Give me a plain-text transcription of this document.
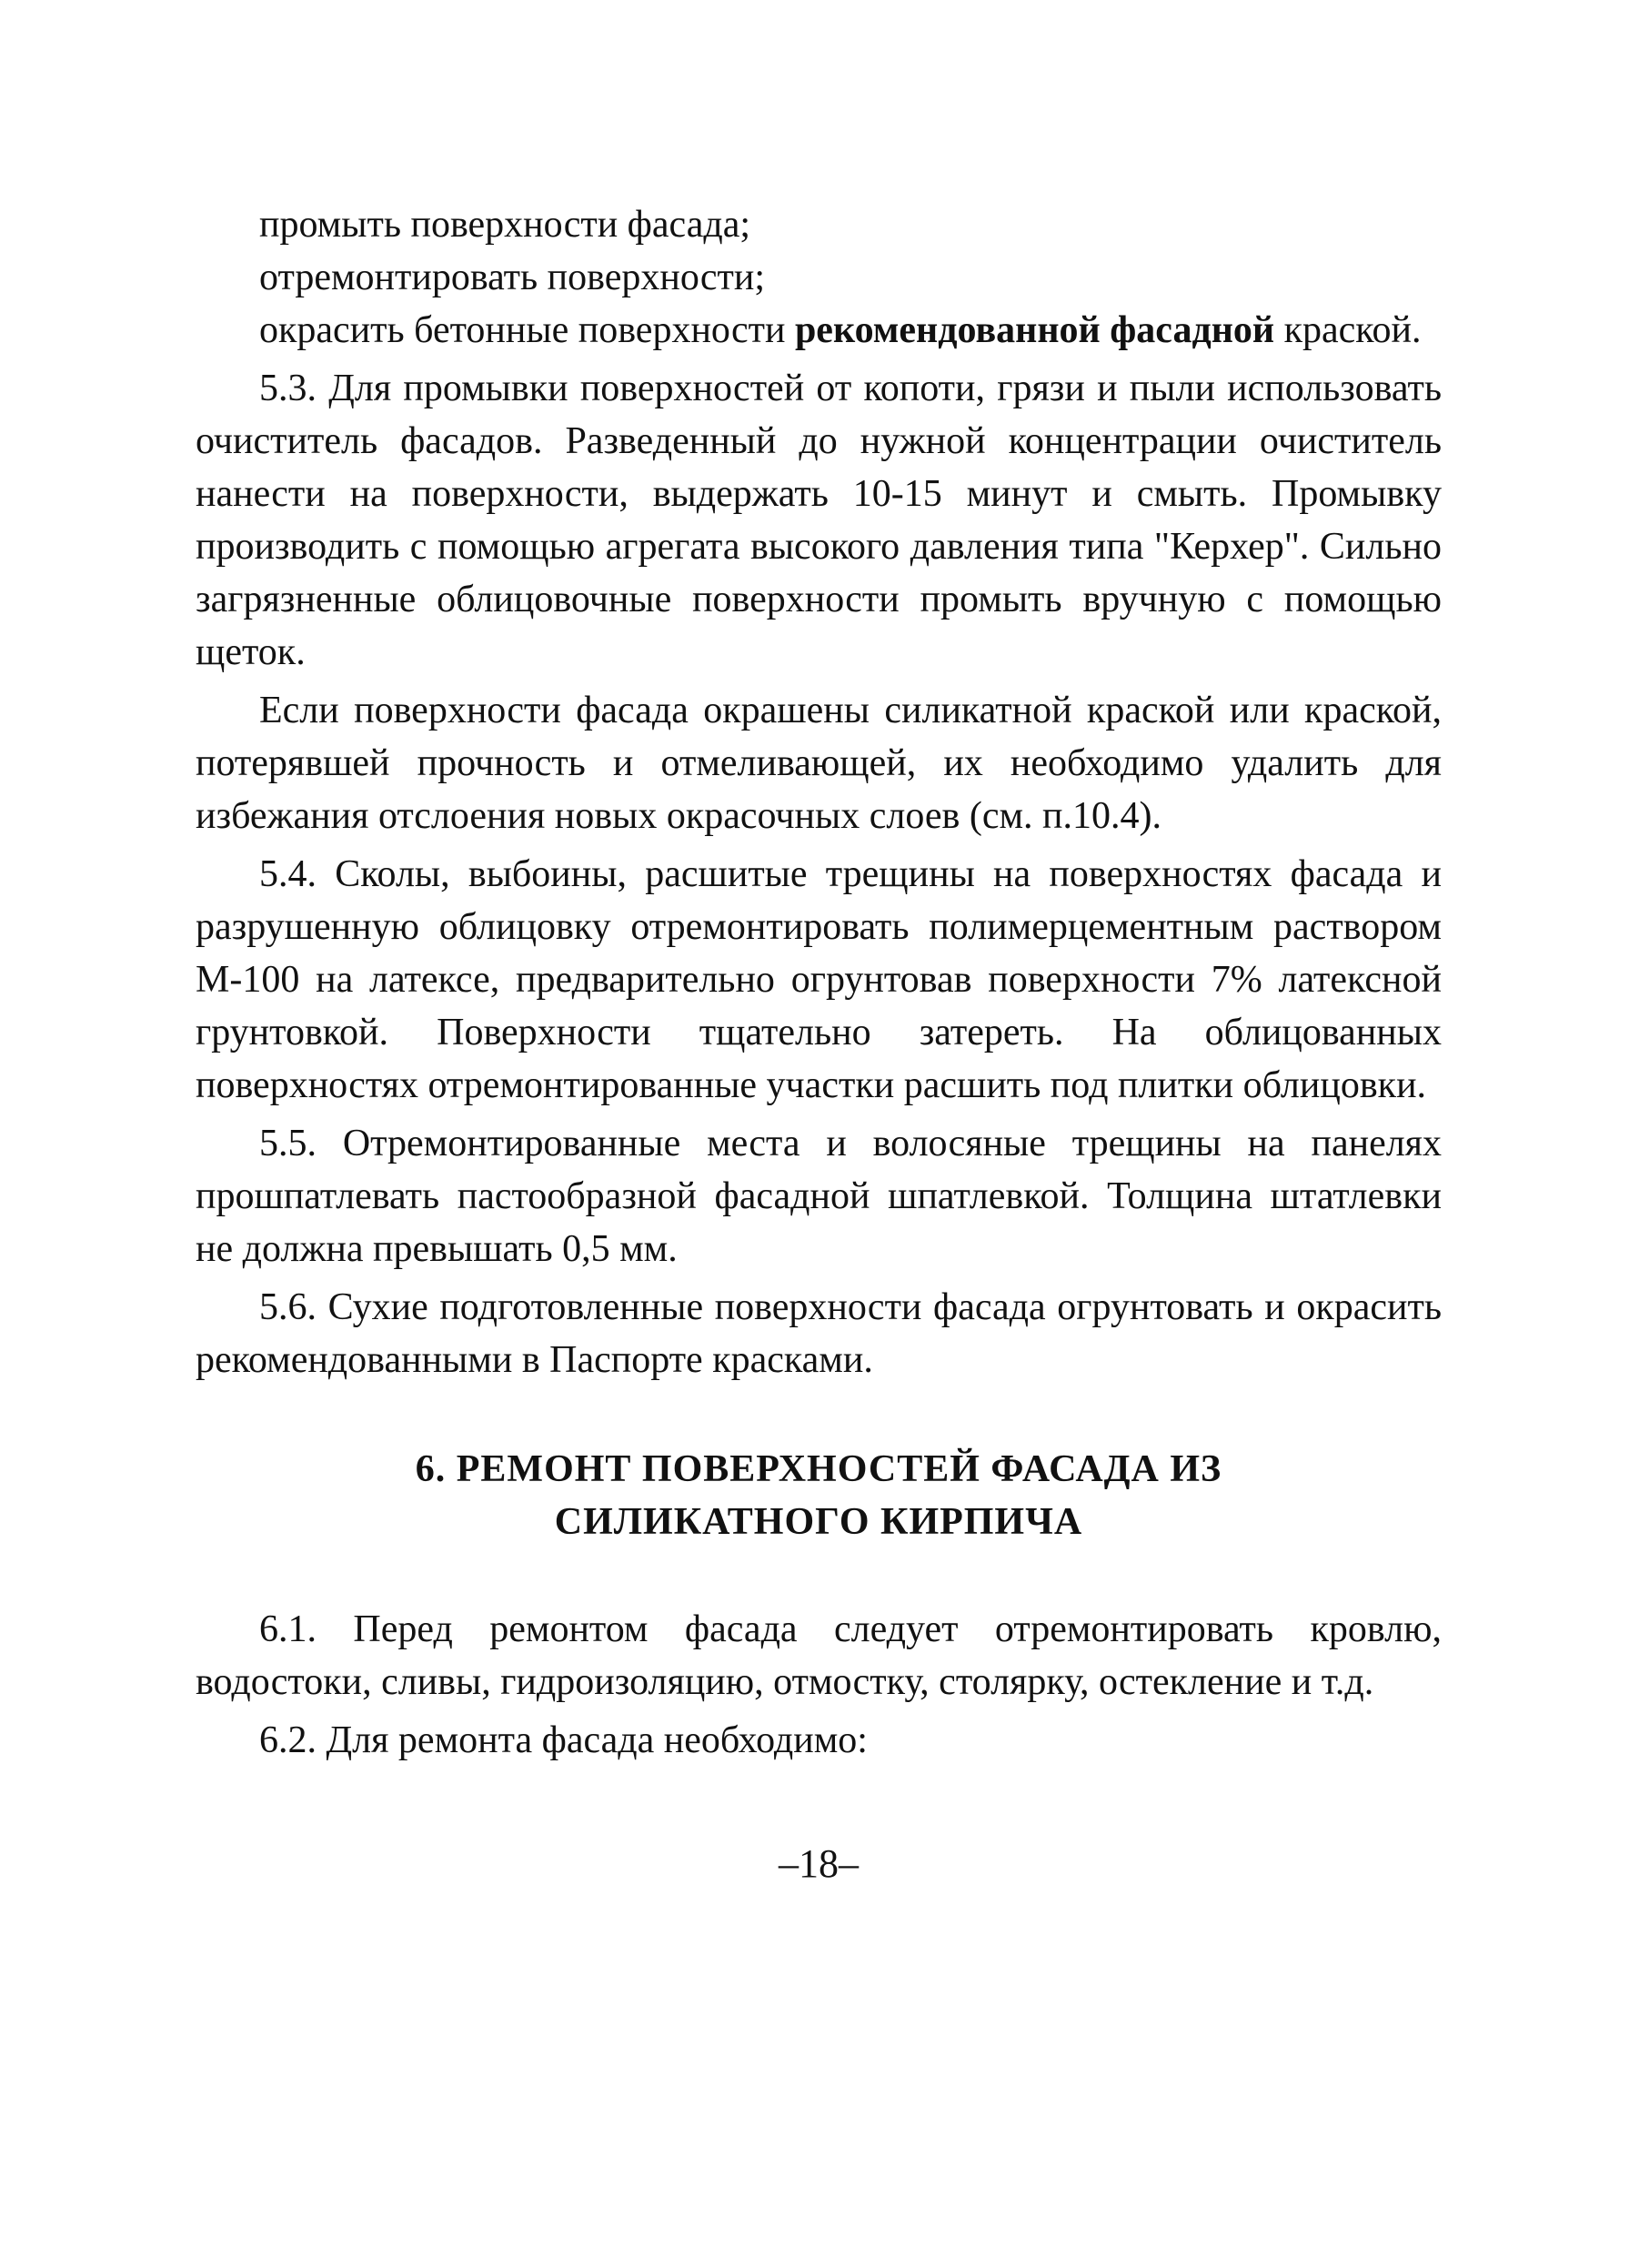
промыть поверхности фасада;

отремонтировать поверхности;

окрасить бетонные поверхности рекомендованной фасадной краской.

5.3. Для промывки поверхностей от копоти, грязи и пыли использовать очиститель фасадов. Разведенный до нужной концентрации очиститель нанести на поверхности, выдержать 10-15 минут и смыть. Промывку производить с помощью агрегата высокого давления типа "Керхер". Сильно загрязненные облицовочные поверхности промыть вручную с помощью щеток.

Если поверхности фасада окрашены силикатной краской или краской, потерявшей прочность и отмеливающей, их необходимо удалить для избежания отслоения новых окрасочных слоев (см. п.10.4).

5.4. Сколы, выбоины, расшитые трещины на поверхностях фасада и разрушенную облицовку отремонтировать полимерцементным раствором М-100 на латексе, предварительно огрунтовав поверхности 7% латексной грунтовкой. Поверхности тщательно затереть. На облицованных поверхностях отремонтированные участки расшить под плитки облицовки.

5.5. Отремонтированные места и волосяные трещины на панелях прошпатлевать пастообразной фасадной шпатлевкой. Толщина штатлевки не должна превышать 0,5 мм.

5.6. Сухие подготовленные поверхности фасада огрунтовать и окрасить рекомендованными в Паспорте красками.

6. РЕМОНТ ПОВЕРХНОСТЕЙ ФАСАДА ИЗ
СИЛИКАТНОГО КИРПИЧА

6.1. Перед ремонтом фасада следует отремонтировать кровлю, водостоки, сливы, гидроизоляцию, отмостку, столярку, остекление и т.д.

6.2. Для ремонта фасада необходимо:

–18–
